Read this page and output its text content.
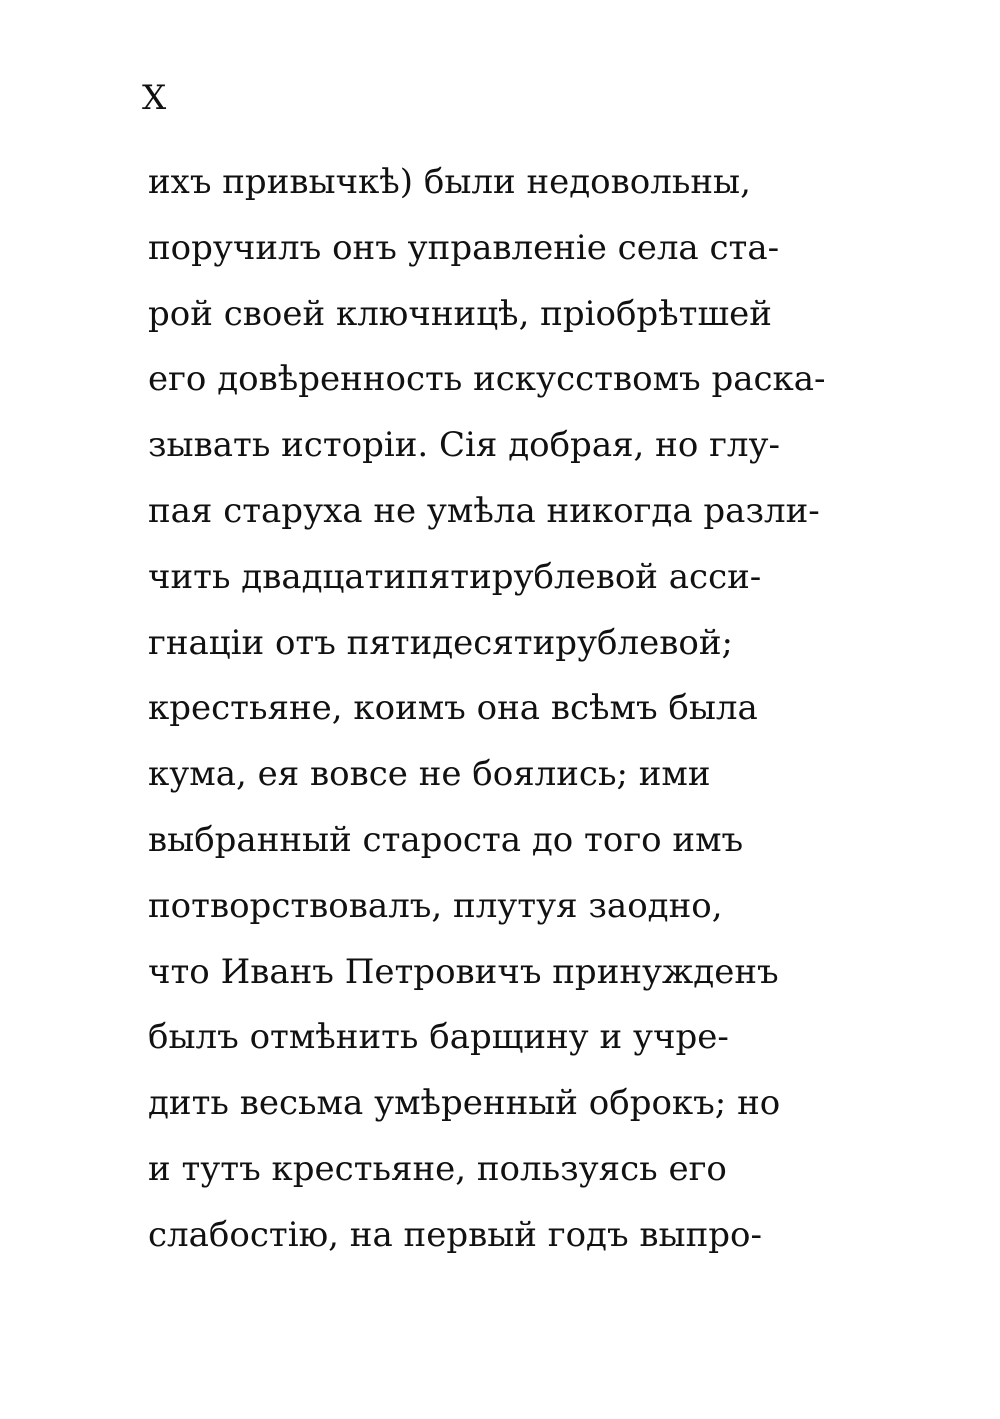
X
ихъ привычкѣ) были недовольны,
поручилъ онъ управленіе села ста-
рой своей ключницѣ, пріобрѣтшей
его довѣренность искусствомъ раска-
зывать исторіи. Сія добрая, но глу-
пая старуха не умѣла никогда разли-
чить двадцатипятирублевой асси-
гнаціи отъ пятидесятирублевой;
крестьяне, коимъ она всѣмъ была
кума, ея вовсе не боялись; ими
выбранный староста до того имъ
потворствовалъ, плутуя заодно,
что Иванъ Петровичъ принужденъ
былъ отмѣнить барщину и учре-
дить весьма умѣренный оброкъ; но
и тутъ крестьяне, пользуясь его
слабостію, на первый годъ выпро-
